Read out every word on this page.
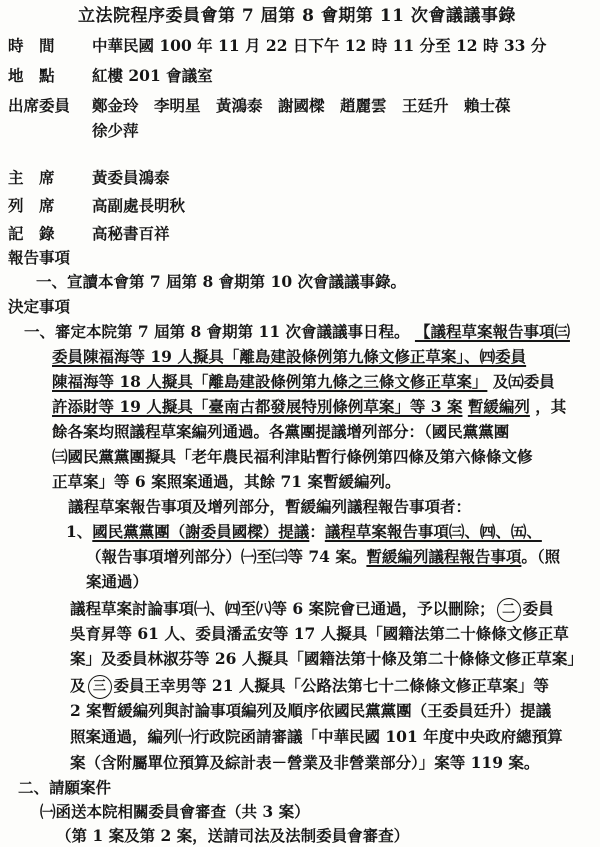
立法院程序委員會第 7 屆第 8 會期第 11 次會議議事錄
時　間 中華民國 100 年 11 月 22 日下午 12 時 11 分至 12 時 33 分
地　點 紅樓 201 會議室
出席委員 鄭金玲　李明星　黃鴻泰　謝國樑　趙麗雲　王廷升　賴士葆
徐少萍
主　席 黃委員鴻泰
列　席 高副處長明秋
記　錄 高秘書百祥
報告事項
一、宣讀本會第 7 屆第 8 會期第 10 次會議議事錄。
決定事項
一、審定本院第 7 屆第 8 會期第 11 次會議議事日程。 【議程草案報告事項㈢
委員陳福海等 19 人擬具「離島建設條例第九條文修正草案」、㈣委員
陳福海等 18 人擬具「離島建設條例第九條之三條文修正草案」 及㈤委員
許添財等 19 人擬具「臺南古都發展特別條例草案」等 3 案 暫緩編列 ，其
餘各案均照議程草案編列通過。各黨團提議增列部分：（國民黨黨團
㈢國民黨黨團擬具「老年農民福利津貼暫行條例第四條及第六條條文修
正草案」等 6 案照案通過，其餘 71 案暫緩編列。
議程草案報告事項及增列部分，暫緩編列議程報告事項者：
1、國民黨黨團（謝委員國樑）提議：議程草案報告事項㈢、㈣、㈤、
（報告事項增列部分）㈠至㈢等 74 案。暫緩編列議程報告事項。（照
案通過）
議程草案討論事項㈠、㈣至㈧等 6 案院會已通過，予以刪除； 二 委員
吳育昇等 61 人、委員潘孟安等 17 人擬具「國籍法第二十條條文修正草
案」及委員林淑芬等 26 人擬具「國籍法第十條及第二十條條文修正草案」
及 三 委員王幸男等 21 人擬具「公路法第七十二條條文修正草案」等
2 案暫緩編列與討論事項編列及順序依國民黨黨團（王委員廷升）提議
照案通過，編列㈠行政院函請審議「中華民國 101 年度中央政府總預算
案（含附屬單位預算及綜計表－營業及非營業部分）」案等 119 案。
二、請願案件
㈠函送本院相關委員會審查（共 3 案）
（第 1 案及第 2 案，送請司法及法制委員會審查）
